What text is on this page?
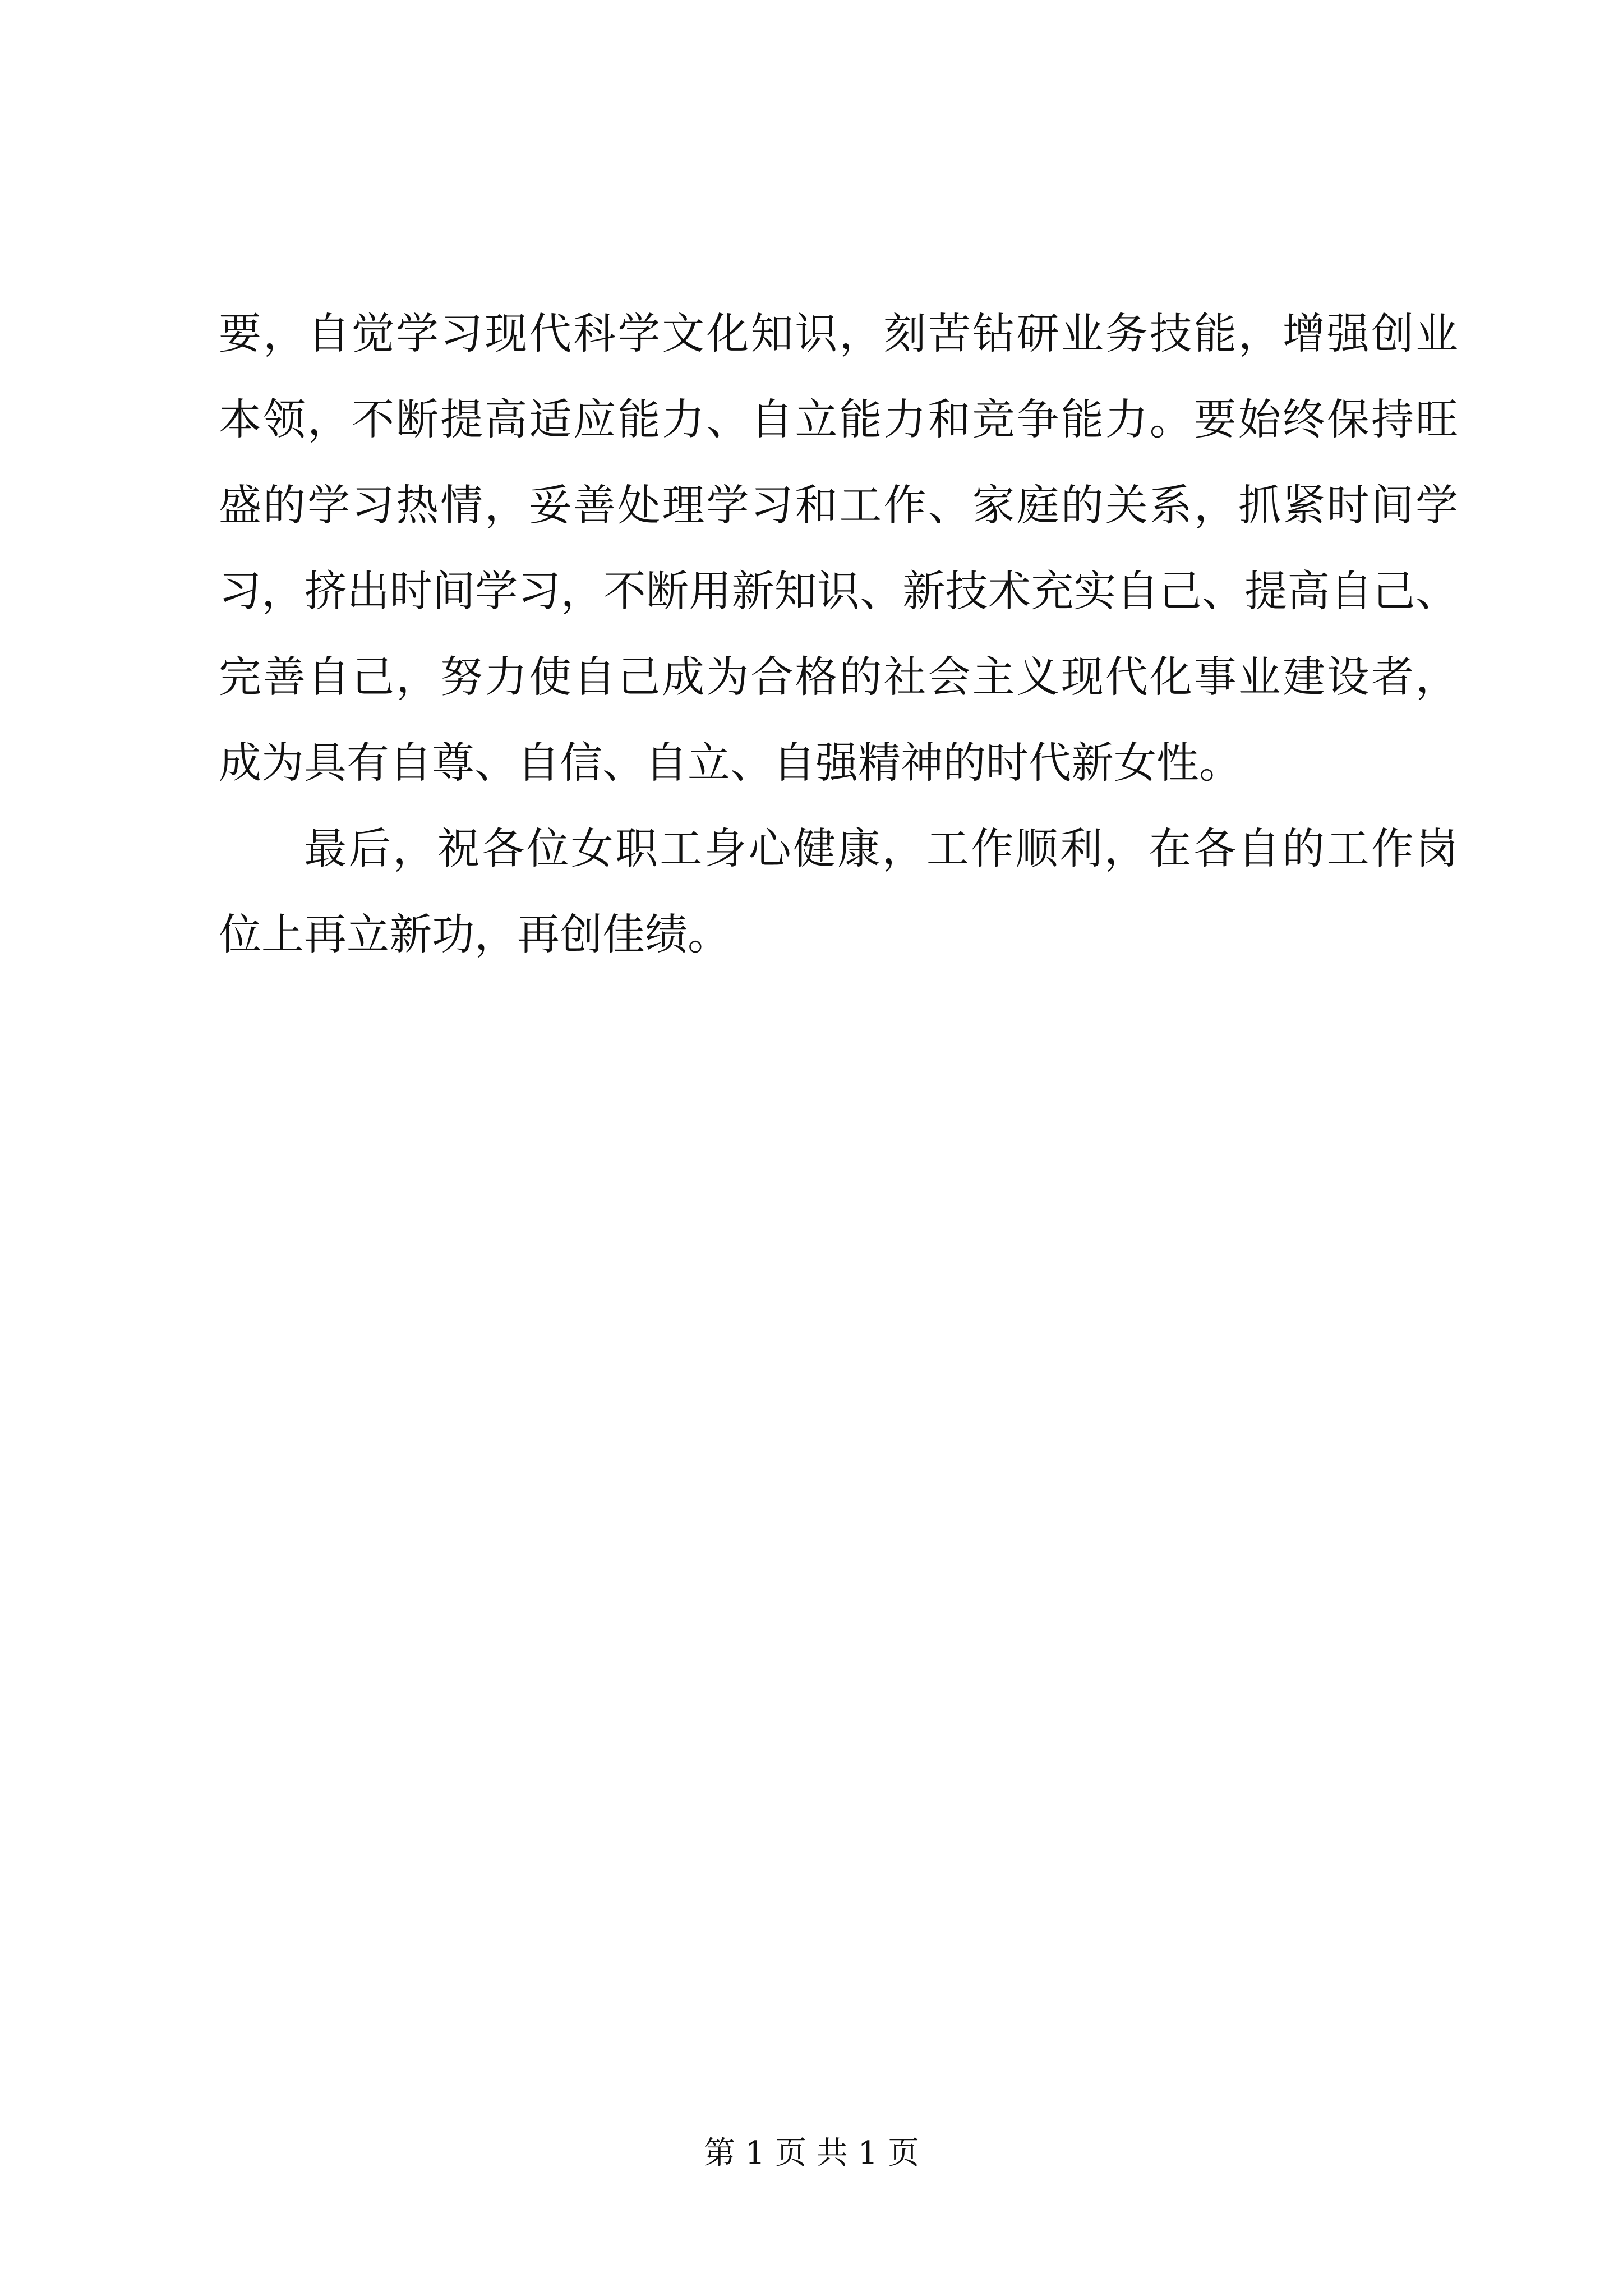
要，自觉学习现代科学文化知识，刻苦钻研业务技能，增强创业
本领，不断提高适应能力、自立能力和竞争能力。要始终保持旺
盛的学习热情，妥善处理学习和工作、家庭的关系，抓紧时间学
习，挤出时间学习，不断用新知识、新技术充实自己、提高自己、
完善自己，努力使自己成为合格的社会主义现代化事业建设者，
成为具有自尊、自信、自立、自强精神的时代新女性。
最后，祝各位女职工身心健康，工作顺利，在各自的工作岗
位上再立新功，再创佳绩。
第 1 页 共 1 页
